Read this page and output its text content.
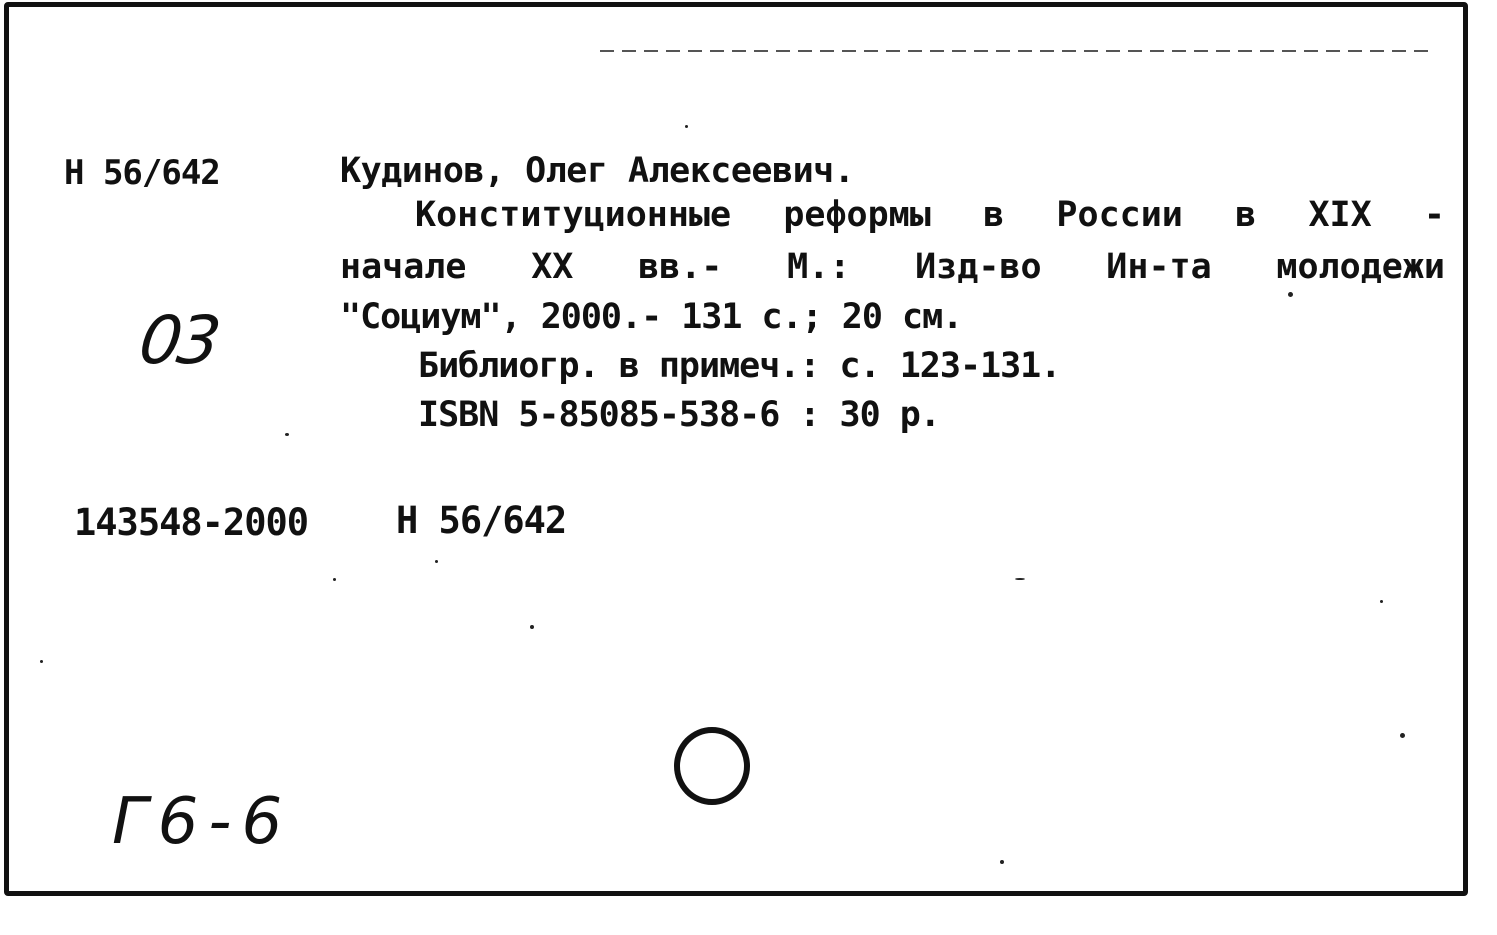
Н 56/642	Кудинов, Олег Алексеевич.
Конституционные реформы в России в XIX -
начале XX вв.- М.: Изд-во Ин-та молодежи
"Социум", 2000.- 131 с.; 20 см.
Библиогр. в примеч.: с. 123-131.
ISBN 5-85085-538-6 : 30 р.
143548-2000 Н 56/642
03
Г6-6
